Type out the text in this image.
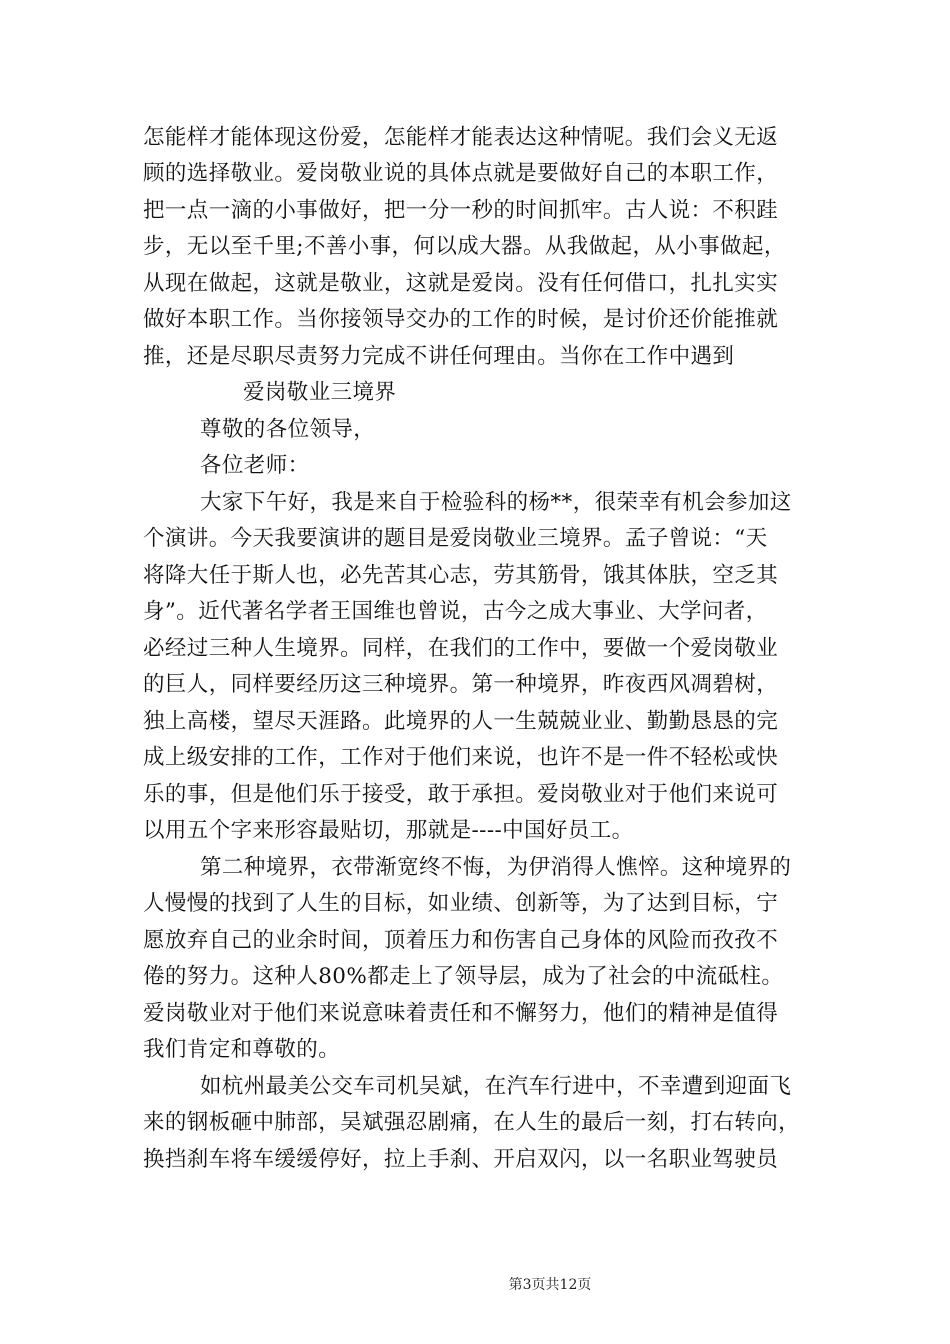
怎能样才能体现这份爱，怎能样才能表达这种情呢。我们会义无返
顾的选择敬业。爱岗敬业说的具体点就是要做好自己的本职工作，
把一点一滴的小事做好，把一分一秒的时间抓牢。古人说：不积跬
步，无以至千里;不善小事，何以成大器。从我做起，从小事做起，
从现在做起，这就是敬业，这就是爱岗。没有任何借口，扎扎实实
做好本职工作。当你接领导交办的工作的时候，是讨价还价能推就
推，还是尽职尽责努力完成不讲任何理由。当你在工作中遇到
爱岗敬业三境界
尊敬的各位领导，
各位老师：
大家下午好，我是来自于检验科的杨**，很荣幸有机会参加这
个演讲。今天我要演讲的题目是爱岗敬业三境界。孟子曾说：“天
将降大任于斯人也，必先苦其心志，劳其筋骨，饿其体肤，空乏其
身”。近代著名学者王国维也曾说，古今之成大事业、大学问者，
必经过三种人生境界。同样，在我们的工作中，要做一个爱岗敬业
的巨人，同样要经历这三种境界。第一种境界，昨夜西风凋碧树，
独上高楼，望尽天涯路。此境界的人一生兢兢业业、勤勤恳恳的完
成上级安排的工作，工作对于他们来说，也许不是一件不轻松或快
乐的事，但是他们乐于接受，敢于承担。爱岗敬业对于他们来说可
以用五个字来形容最贴切，那就是----中国好员工。
第二种境界，衣带渐宽终不悔，为伊消得人憔悴。这种境界的
人慢慢的找到了人生的目标，如业绩、创新等，为了达到目标，宁
愿放弃自己的业余时间，顶着压力和伤害自己身体的风险而孜孜不
倦的努力。这种人80%都走上了领导层，成为了社会的中流砥柱。
爱岗敬业对于他们来说意味着责任和不懈努力，他们的精神是值得
我们肯定和尊敬的。
如杭州最美公交车司机吴斌，在汽车行进中，不幸遭到迎面飞
来的钢板砸中肺部，吴斌强忍剧痛，在人生的最后一刻，打右转向，
换挡刹车将车缓缓停好，拉上手刹、开启双闪，以一名职业驾驶员
第3页共12页
